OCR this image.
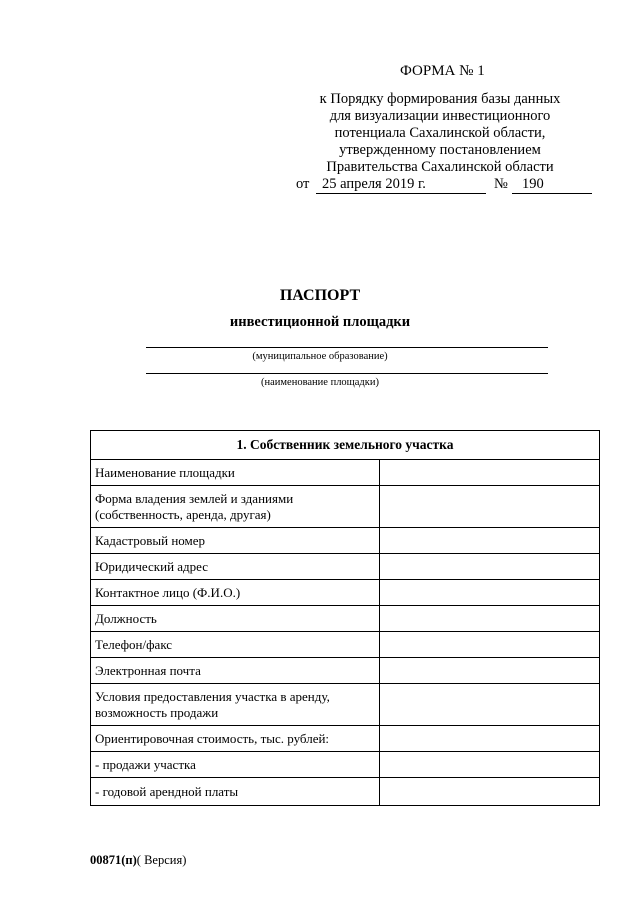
ФОРМА № 1
к Порядку формирования базы данных
для визуализации инвестиционного
потенциала Сахалинской области,
утвержденному постановлением
Правительства Сахалинской области
от 25 апреля 2019 г.	№ 190
ПАСПОРТ
инвестиционной площадки
(муниципальное образование)
(наименование площадки)
1. Собственник земельного участка
Наименование площадки
Форма владения землей и зданиями (собственность, аренда, другая)
Кадастровый номер
Юридический адрес
Контактное лицо (Ф.И.О.)
Должность
Телефон/факс
Электронная почта
Условия предоставления участка в аренду, возможность продажи
Ориентировочная стоимость, тыс. рублей:
- продажи участка
- годовой арендной платы
00871(п)( Версия)
